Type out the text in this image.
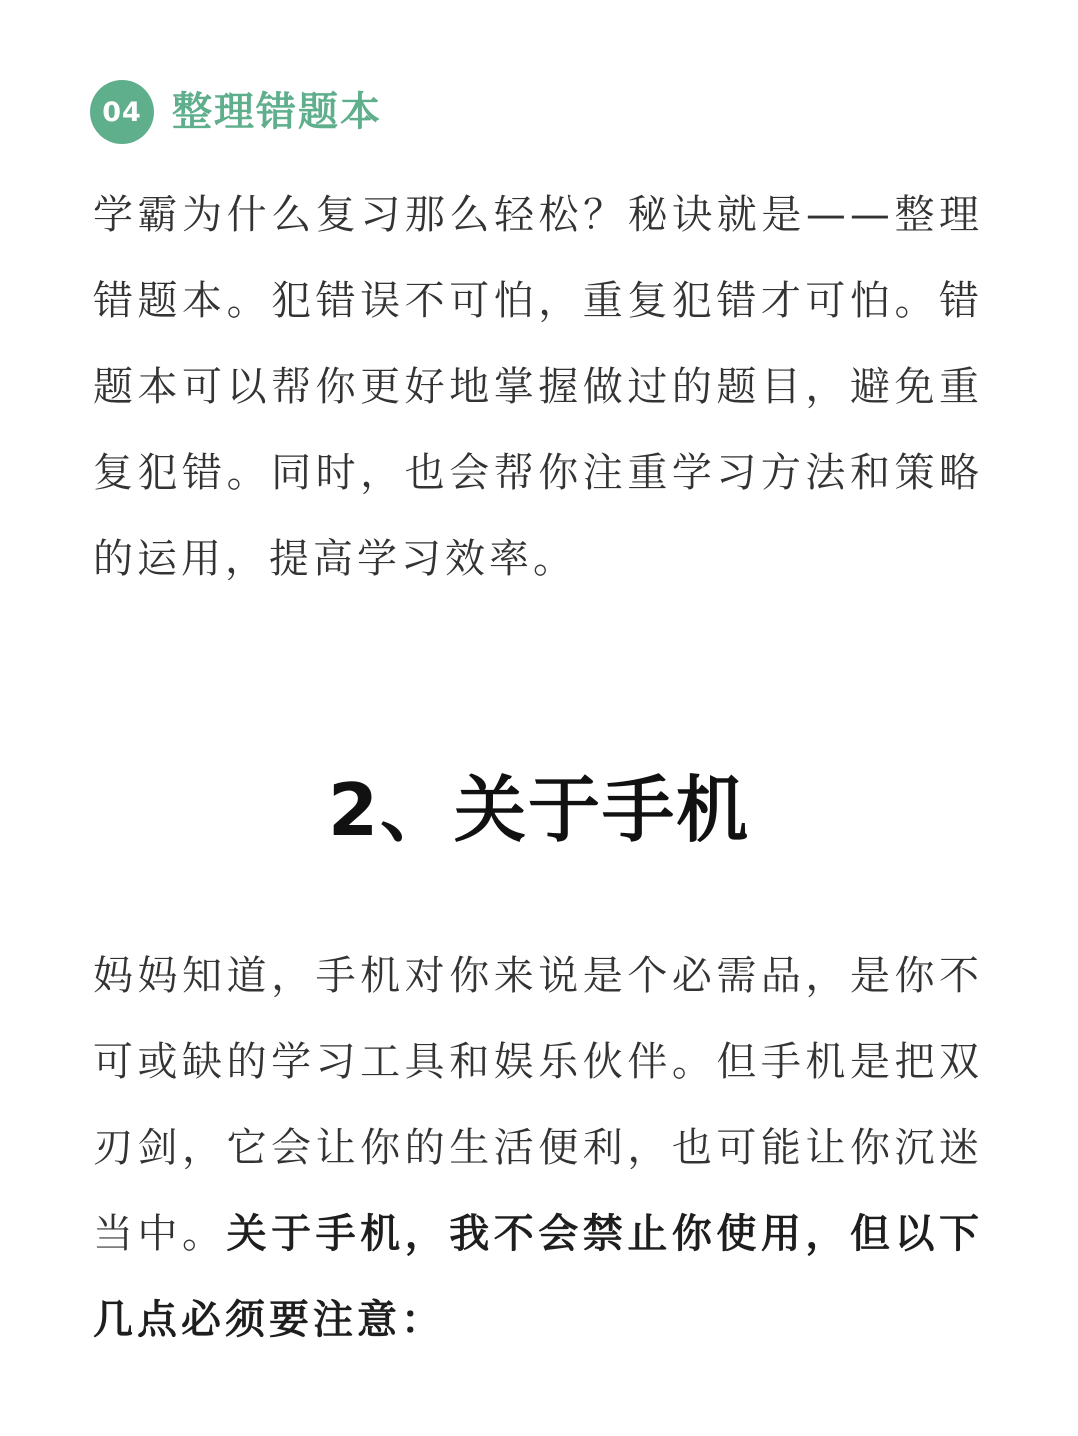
04 整理错题本

学霸为什么复习那么轻松？秘诀就是——整理错题本。犯错误不可怕，重复犯错才可怕。错题本可以帮你更好地掌握做过的题目，避免重复犯错。同时，也会帮你注重学习方法和策略的运用，提高学习效率。

2、关于手机

妈妈知道，手机对你来说是个必需品，是你不可或缺的学习工具和娱乐伙伴。但手机是把双刃剑，它会让你的生活便利，也可能让你沉迷当中。关于手机，我不会禁止你使用，但以下几点必须要注意：
